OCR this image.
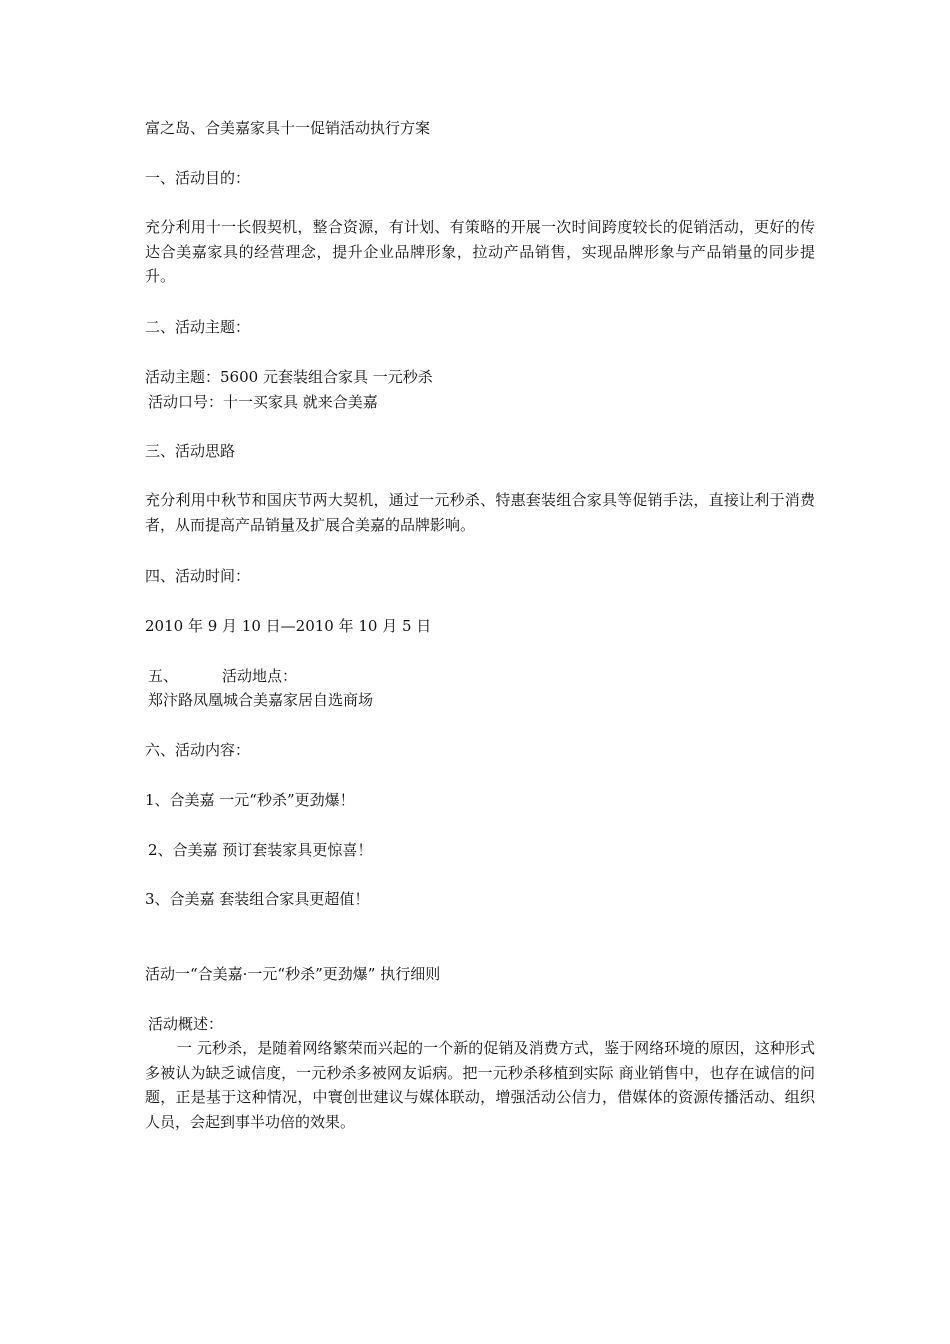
富之岛、合美嘉家具十一促销活动执行方案
一、活动目的：
充分利用十一长假契机，整合资源，有计划、有策略的开展一次时间跨度较长的促销活动，更好的传达合美嘉家具的经营理念，提升企业品牌形象，拉动产品销售，实现品牌形象与产品销量的同步提升。
二、活动主题：
活动主题：5600 元套装组合家具 一元秒杀
活动口号：十一买家具 就来合美嘉
三、活动思路
充分利用中秋节和国庆节两大契机，通过一元秒杀、特惠套装组合家具等促销手法，直接让利于消费者，从而提高产品销量及扩展合美嘉的品牌影响。
四、活动时间：
2010 年 9 月 10 日—2010 年 10 月 5 日
五、	活动地点：
郑汴路凤凰城合美嘉家居自选商场
六、活动内容：
1、合美嘉 一元“秒杀”更劲爆！
2、合美嘉 预订套装家具更惊喜！
3、合美嘉 套装组合家具更超值！
活动一“合美嘉·一元“秒杀”更劲爆” 执行细则
活动概述：
一 元秒杀，是随着网络繁荣而兴起的一个新的促销及消费方式，鉴于网络环境的原因，这种形式多被认为缺乏诚信度，一元秒杀多被网友诟病。把一元秒杀移植到实际 商业销售中，也存在诚信的问题，正是基于这种情况，中寰创世建议与媒体联动，增强活动公信力，借媒体的资源传播活动、组织人员，会起到事半功倍的效果。
